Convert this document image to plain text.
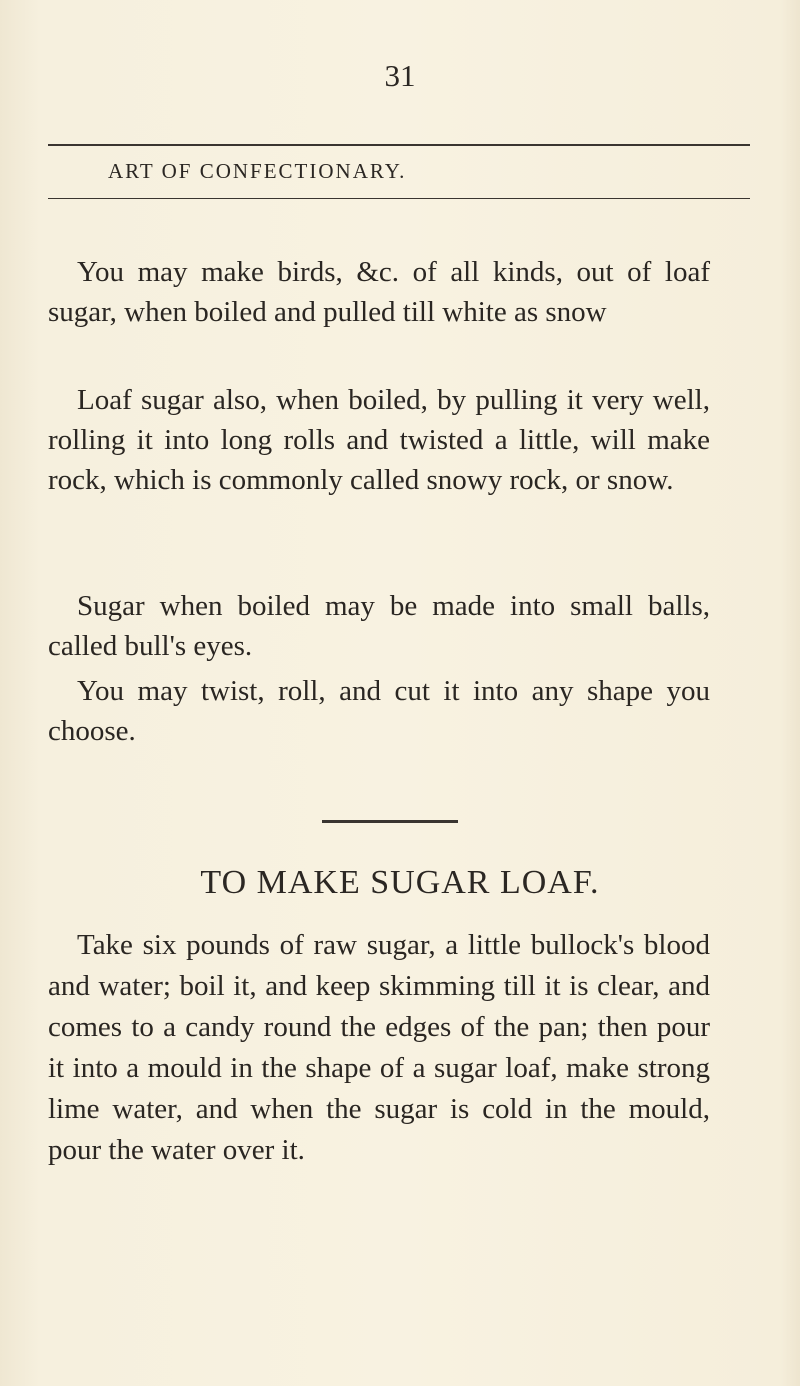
31
ART OF CONFECTIONARY.
You may make birds, &c. of all kinds, out of loaf sugar, when boiled and pulled till white as snow
Loaf sugar also, when boiled, by pulling it very well, rolling it into long rolls and twisted a little, will make rock, which is commonly called snowy rock, or snow.
Sugar when boiled may be made into small balls, called bull's eyes.
You may twist, roll, and cut it into any shape you choose.
TO MAKE SUGAR LOAF.
Take six pounds of raw sugar, a little bullock's blood and water; boil it, and keep skimming till it is clear, and comes to a candy round the edges of the pan; then pour it into a mould in the shape of a sugar loaf, make strong lime water, and when the sugar is cold in the mould, pour the water over it.
